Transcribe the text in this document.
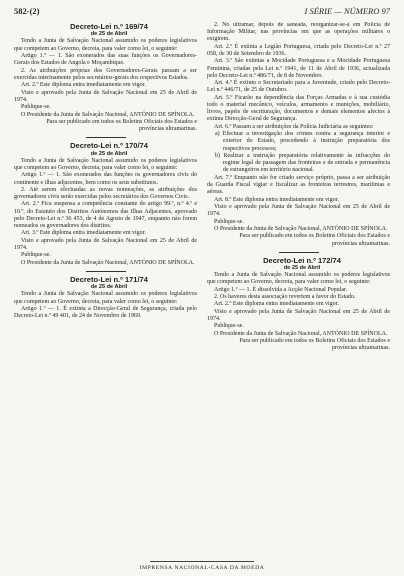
582-(2)	I SÉRIE — NÚMERO 97

Decreto-Lei n.º 169/74

de 25 de Abril

Tendo a Junta de Salvação Nacional assumido os poderes legislativos que competem ao Governo, decreta, para valer como lei, o seguinte:

Artigo 1.º — 1. São exonerados das suas funções os Governadores-Gerais dos Estados de Angola e Moçambique.

2. As atribuições próprias dos Governadores-Gerais passam a ser exercidas interinamente pelos secretários-gerais dos respectivos Estados.

Art. 2.º Este diploma entra imediatamente em vigor.

Visto e aprovado pela Junta de Salvação Nacional em 25 de Abril de 1974.

Publique-se.

O Presidente da Junta de Salvação Nacional, ANTÓNIO DE SPÍNOLA.

Para ser publicado em todos os Boletins Oficiais dos Estados e províncias ultramarinas.

Decreto-Lei n.º 170/74

de 25 de Abril

Tendo a Junta de Salvação Nacional assumido os poderes legislativos que competem ao Governo, decreta, para valer como lei, o seguinte:

Artigo 1.º — 1. São exonerados das funções os governadores civis do continente e ilhas adjacentes, bem como os seus substitutos.

2. Até serem efectuadas as novas nomeações, as atribuições dos governadores civis serão exercidas pelos secretários dos Governos Civis.

Art. 2.º Fica suspensa a competência constante do artigo 99.º, n.º 4.º e 10.º, do Estatuto dos Distritos Autónomos das Ilhas Adjacentes, aprovado pelo Decreto-Lei n.º 36 453, de 4 de Agosto de 1947, enquanto não forem nomeados os governadores dos distritos.

Art. 3.º Este diploma entra imediatamente em vigor.

Visto e aprovado pela Junta de Salvação Nacional em 25 de Abril de 1974.

Publique-se.

O Presidente da Junta de Salvação Nacional, ANTÓNIO DE SPÍNOLA.

Decreto-Lei n.º 171/74

de 25 de Abril

Tendo a Junta de Salvação Nacional assumido os poderes legislativos que competem ao Governo, decreta, para valer como lei, o seguinte:

Artigo 1.º — 1. É extinta a Direcção-Geral de Segurança, criada pelo Decreto-Lei n.º 49 401, de 24 de Novembro de 1969.

2. No ultramar, depois de saneada, reorganizar-se-á em Polícia de Informação Militar, nas províncias em que as operações militares o exigirem.

Art. 2.º É extinta a Legião Portuguesa, criada pelo Decreto-Lei n.º 27 058, de 30 de Setembro de 1936.

Art. 3.º São extintas a Mocidade Portuguesa e a Mocidade Portuguesa Feminina, criadas pela Lei n.º 1941, de 11 de Abril de 1936, actualizada pelo Decreto-Lei n.º 486/71, de 8 de Novembro.

Art. 4.º É extinto o Secretariado para a Juventude, criado pelo Decreto-Lei n.º 446/71, de 25 de Outubro.

Art. 5.º Ficarão na dependência das Forças Armadas e à sua custódia todo o material mecânico, veículos, armamento e munições, mobiliário, livros, papéis de escrituração, documentos e demais elementos afectos à extinta Direcção-Geral de Segurança.

Art. 6.º Passam a ser atribuições da Polícia Judiciária as seguintes:

a) Efectuar a investigação dos crimes contra a segurança interior e exterior do Estado, procedendo à instrução preparatória dos respectivos processos;

b) Realizar a instrução preparatória relativamente às infracções do regime legal de passagem das fronteiras e de entrada e permanência de estrangeiros em território nacional.

Art. 7.º Enquanto não for criado serviço próprio, passa a ser atribuição da Guarda Fiscal vigiar e fiscalizar as fronteiras terrestres, marítimas e aéreas.

Art. 8.º Este diploma entra imediatamente em vigor.

Visto e aprovado pela Junta de Salvação Nacional em 25 de Abril de 1974.

Publique-se.

O Presidente da Junta de Salvação Nacional, ANTÓNIO DE SPÍNOLA.

Para ser publicado em todos os Boletins Oficiais dos Estados e províncias ultramarinas.

Decreto-Lei n.º 172/74

de 25 de Abril

Tendo a Junta de Salvação Nacional assumido os poderes legislativos que competem ao Governo, decreta, para valer como lei, o seguinte:

Artigo 1.º — 1. É dissolvida a Acção Nacional Popular.

2. Os haveres desta associação revertem a favor do Estado.

Art. 2.º Este diploma entra imediatamente em vigor.

Visto e aprovado pela Junta de Salvação Nacional em 25 de Abril de 1974.

Publique-se.

O Presidente da Junta de Salvação Nacional, ANTÓNIO DE SPÍNOLA.

Para ser publicado em todos os Boletins Oficiais dos Estados e províncias ultramarinas.

IMPRENSA NACIONAL-CASA DA MOEDA
